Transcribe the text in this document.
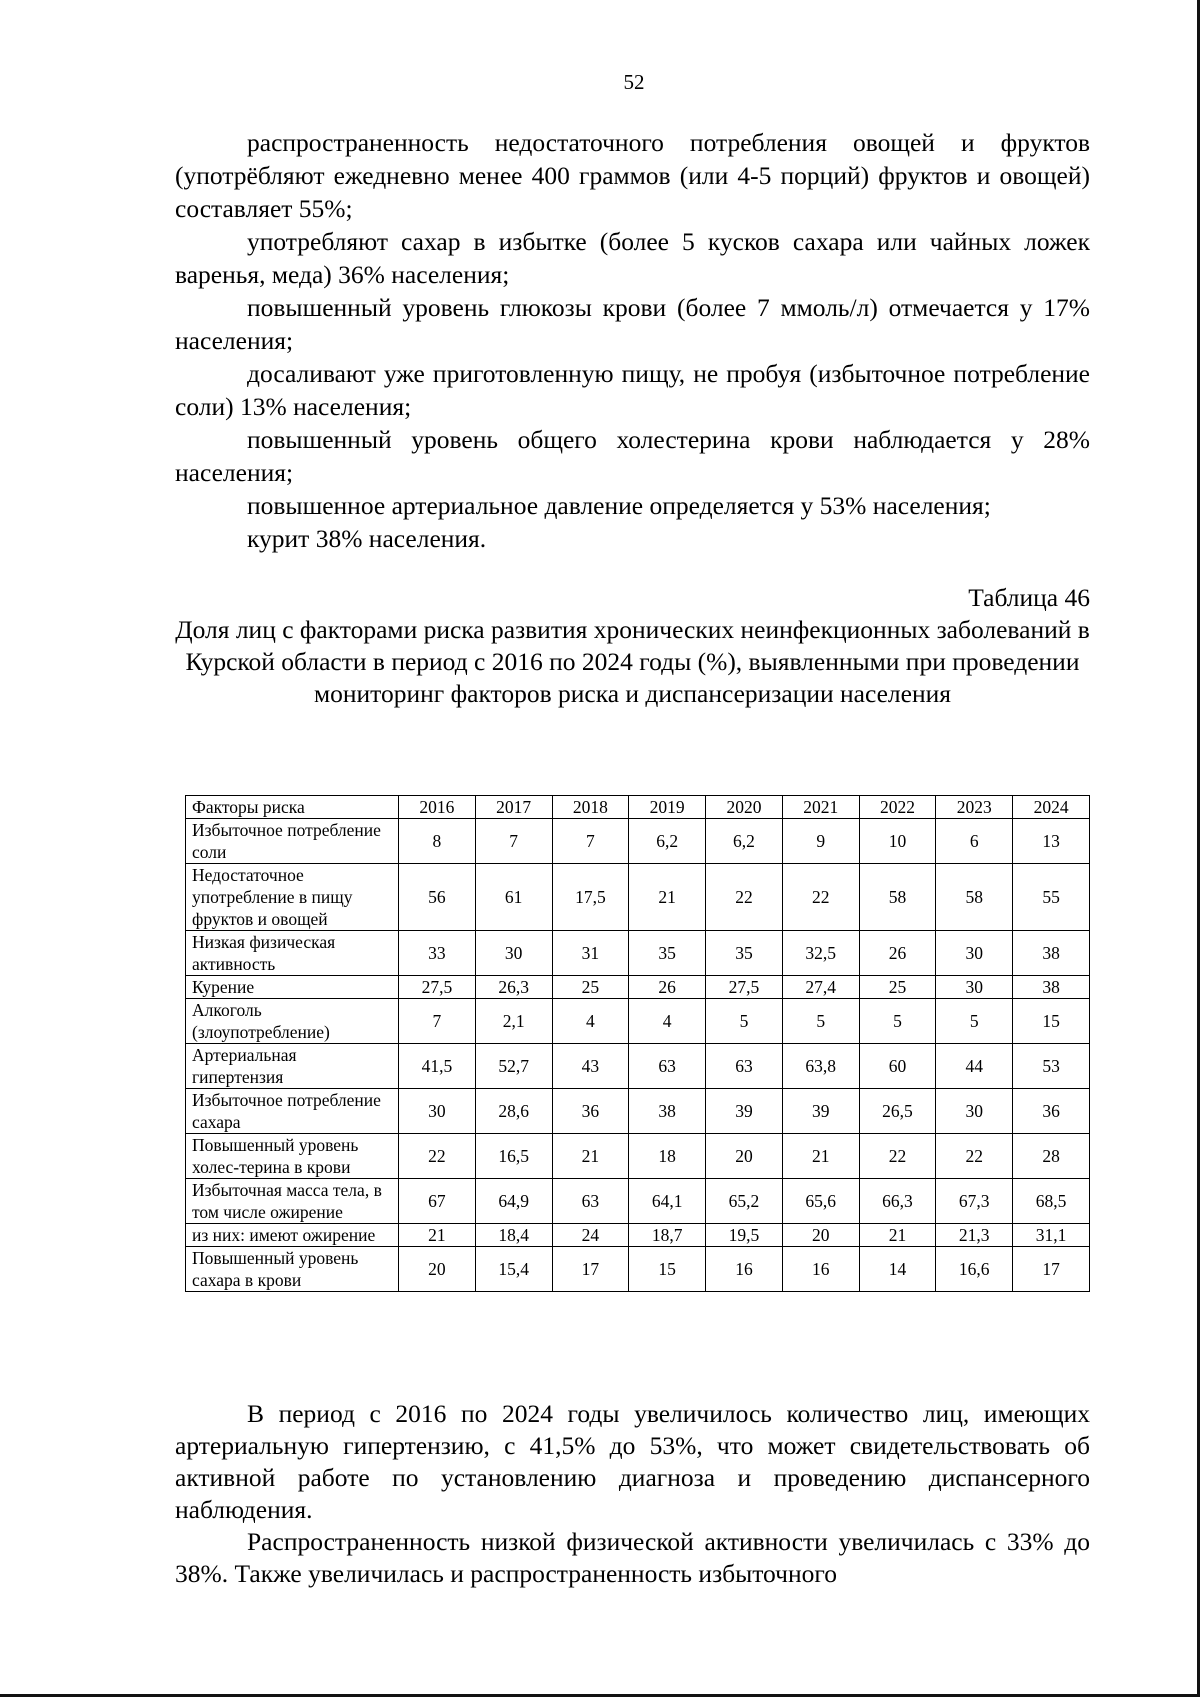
52

распространенность недостаточного потребления овощей и фруктов (употрёбляют ежедневно менее 400 граммов (или 4-5 порций) фруктов и овощей) составляет 55%;

употребляют сахар в избытке (более 5 кусков сахара или чайных ложек варенья, меда) 36% населения;

повышенный уровень глюкозы крови (более 7 ммоль/л) отмечается у 17% населения;

досаливают уже приготовленную пищу, не пробуя (избыточное потребление соли) 13% населения;

повышенный уровень общего холестерина крови наблюдается у 28% населения;

повышенное артериальное давление определяется у 53% населения;

курит 38% населения.

Таблица 46
Доля лиц с факторами риска развития хронических неинфекционных заболеваний в Курской области в период с 2016 по 2024 годы (%), выявленными при проведении мониторинг факторов риска и диспансеризации населения
Факторы риска	2016	2017	2018	2019	2020	2021	2022	2023	2024
Избыточное потребление соли	8	7	7	6,2	6,2	9	10	6	13
Недостаточное употребление в пищу фруктов и овощей	56	61	17,5	21	22	22	58	58	55
Низкая физическая активность	33	30	31	35	35	32,5	26	30	38
Курение	27,5	26,3	25	26	27,5	27,4	25	30	38
Алкоголь (злоупотребление)	7	2,1	4	4	5	5	5	5	15
Артериальная гипертензия	41,5	52,7	43	63	63	63,8	60	44	53
Избыточное потребление сахара	30	28,6	36	38	39	39	26,5	30	36
Повышенный уровень холес-терина в крови	22	16,5	21	18	20	21	22	22	28
Избыточная масса тела, в том числе ожирение	67	64,9	63	64,1	65,2	65,6	66,3	67,3	68,5
из них: имеют ожирение	21	18,4	24	18,7	19,5	20	21	21,3	31,1
Повышенный уровень сахара в крови	20	15,4	17	15	16	16	14	16,6	17

В период с 2016 по 2024 годы увеличилось количество лиц, имеющих артериальную гипертензию, с 41,5% до 53%, что может свидетельствовать об активной работе по установлению диагноза и проведению диспансерного наблюдения.

Распространенность низкой физической активности увеличилась с 33% до 38%. Также увеличилась и распространенность избыточного
